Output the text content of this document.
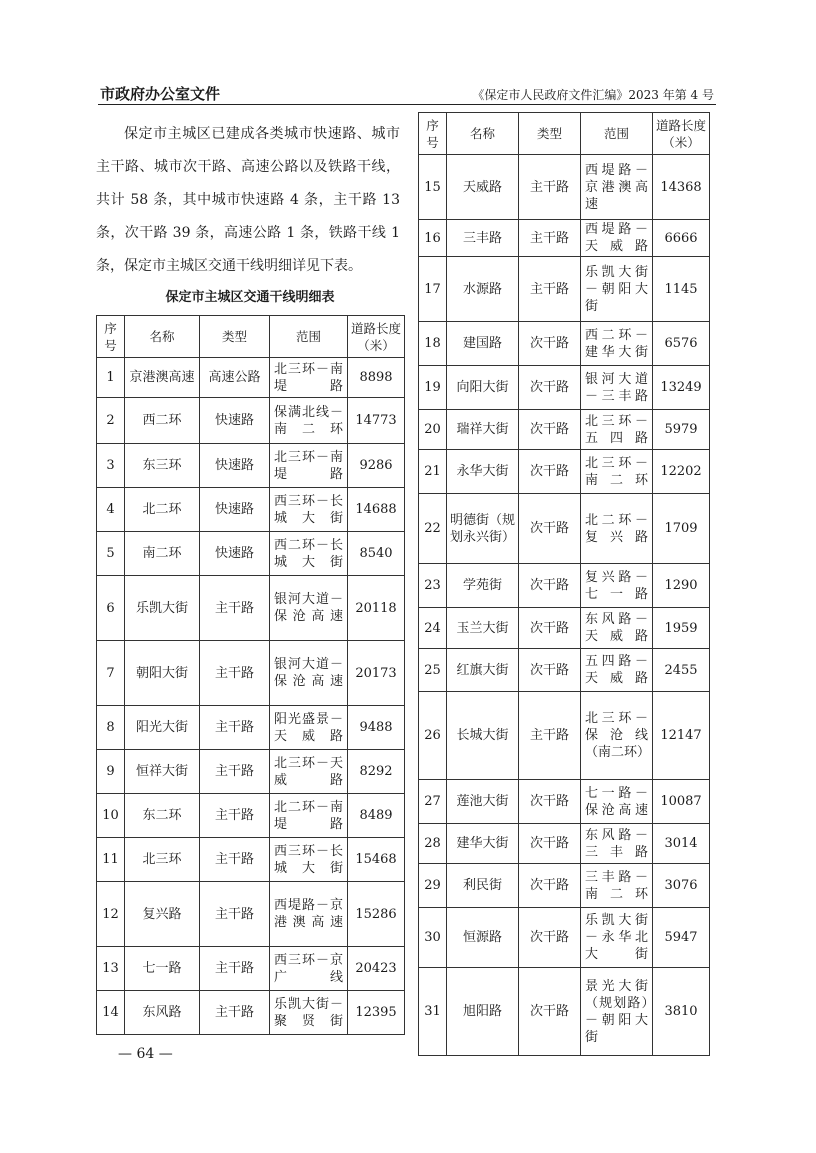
市政府办公室文件	《保定市人民政府文件汇编》2023 年第 4 号

保定市主城区已建成各类城市快速路、城市主干路、城市次干路、高速公路以及铁路干线，共计 58 条，其中城市快速路 4 条，主干路 13 条，次干路 39 条，高速公路 1 条，铁路干线 1 条，保定市主城区交通干线明细详见下表。

保定市主城区交通干线明细表
序号	名称	类型	范围	道路长度（米）
1	京港澳高速	高速公路	北三环－南堤路	8898
2	西二环	快速路	保满北线－南二环	14773
3	东三环	快速路	北三环－南堤路	9286
4	北二环	快速路	西三环－长城大街	14688
5	南二环	快速路	西二环－长城大街	8540
6	乐凯大街	主干路	银河大道－保沧高速	20118
7	朝阳大街	主干路	银河大道－保沧高速	20173
8	阳光大街	主干路	阳光盛景－天威路	9488
9	恒祥大街	主干路	北三环－天威路	8292
10	东二环	主干路	北二环－南堤路	8489
11	北三环	主干路	西三环－长城大街	15468
12	复兴路	主干路	西堤路－京港澳高速	15286
13	七一路	主干路	西三环－京广线	20423
14	东风路	主干路	乐凯大街－聚贤街	12395
序号	名称	类型	范围	道路长度（米）
15	天威路	主干路	西堤路－京港澳高速	14368
16	三丰路	主干路	西堤路－天威路	6666
17	水源路	主干路	乐凯大街－朝阳大街	1145
18	建国路	次干路	西二环－建华大街	6576
19	向阳大街	次干路	银河大道－三丰路	13249
20	瑞祥大街	次干路	北三环－五四路	5979
21	永华大街	次干路	北三环－南二环	12202
22	明德街（规划永兴街）	次干路	北二环－复兴路	1709
23	学苑街	次干路	复兴路－七一路	1290
24	玉兰大街	次干路	东风路－天威路	1959
25	红旗大街	次干路	五四路－天威路	2455
26	长城大街	主干路	北三环－保沧线（南二环）	12147
27	莲池大街	次干路	七一路－保沧高速	10087
28	建华大街	次干路	东风路－三丰路	3014
29	利民街	次干路	三丰路－南二环	3076
30	恒源路	次干路	乐凯大街－永华北大街	5947
31	旭阳路	次干路	景光大街（规划路）－朝阳大街	3810
— 64 —
